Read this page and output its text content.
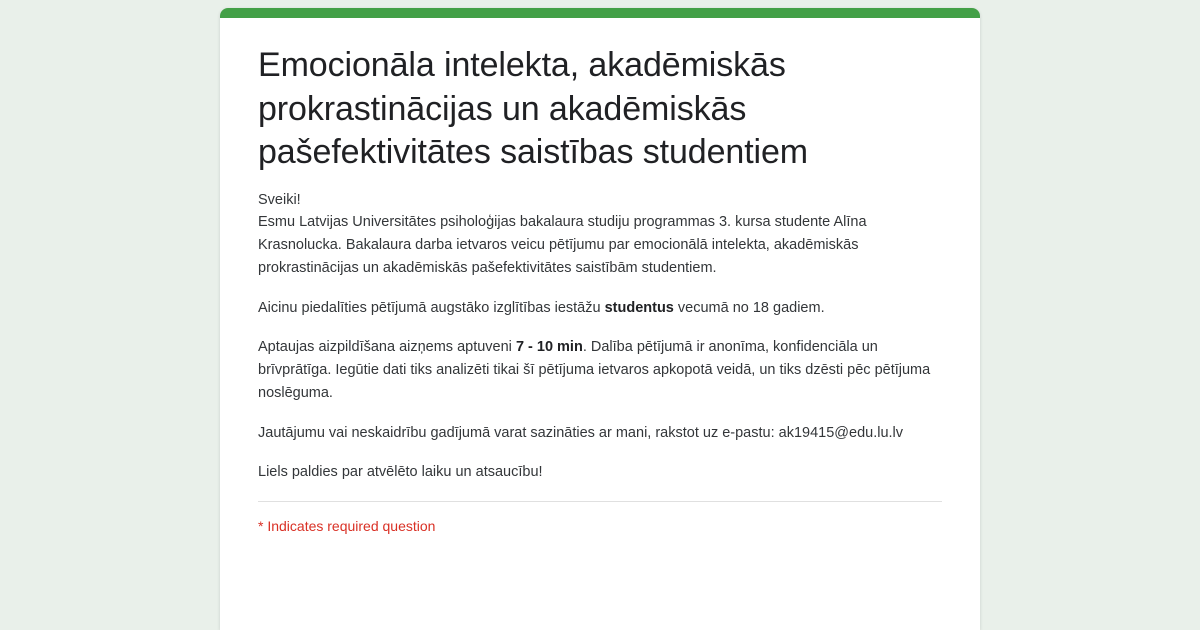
Emocionāla intelekta, akadēmiskās prokrastinācijas un akadēmiskās pašefektivitātes saistības studentiem

Sveiki!

Esmu Latvijas Universitātes psiholoģijas bakalaura studiju programmas 3. kursa studente Alīna Krasnolucka. Bakalaura darba ietvaros veicu pētījumu par emocionālā intelekta, akadēmiskās prokrastinācijas un akadēmiskās pašefektivitātes saistībām studentiem.

Aicinu piedalīties pētījumā augstāko izglītības iestāžu studentus vecumā no 18 gadiem.

Aptaujas aizpildīšana aizņems aptuveni 7 - 10 min. Dalība pētījumā ir anonīma, konfidenciāla un brīvprātīga. Iegūtie dati tiks analizēti tikai šī pētījuma ietvaros apkopotā veidā, un tiks dzēsti pēc pētījuma noslēguma.

Jautājumu vai neskaidrību gadījumā varat sazināties ar mani, rakstot uz e-pastu: ak19415@edu.lu.lv

Liels paldies par atvēlēto laiku un atsaucību!

* Indicates required question
